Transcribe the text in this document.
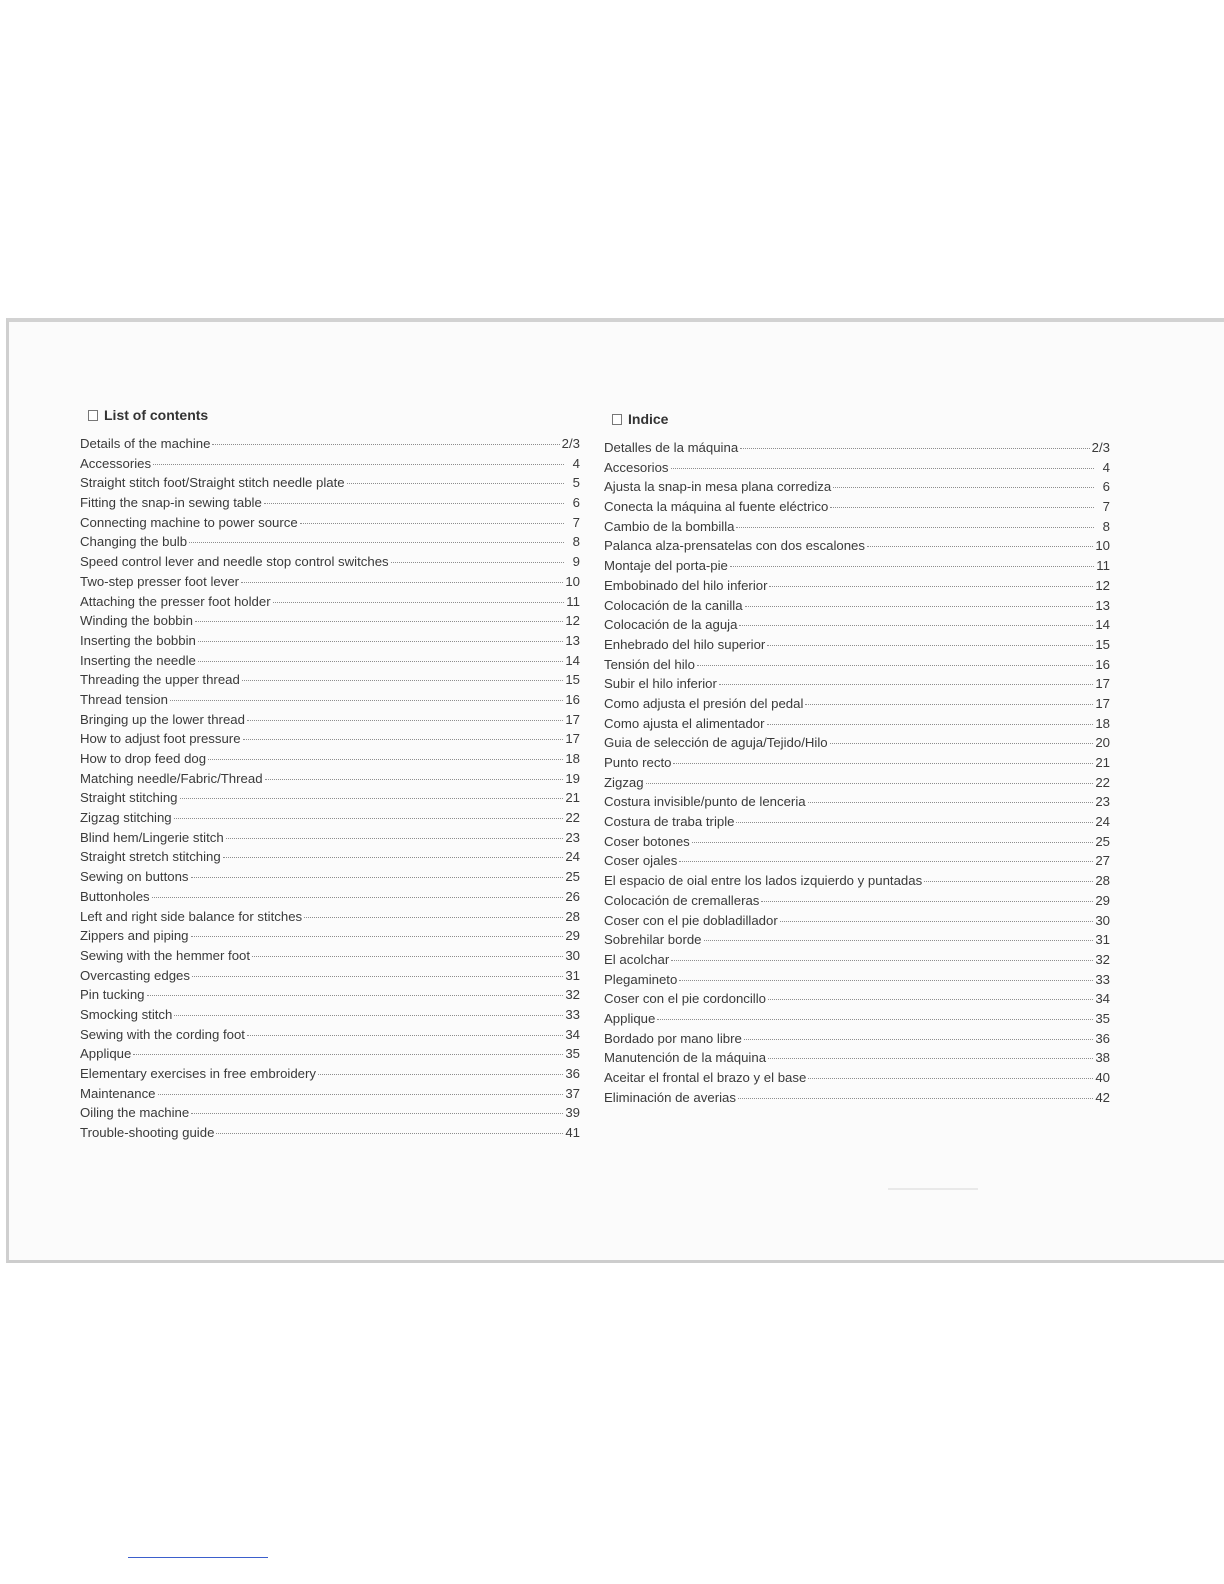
List of contents
Details of the machine	2/3
Accessories	4
Straight stitch foot/Straight stitch needle plate	5
Fitting the snap-in sewing table	6
Connecting machine to power source	7
Changing the bulb	8
Speed control lever and needle stop control switches	9
Two-step presser foot lever	10
Attaching the presser foot holder	11
Winding the bobbin	12
Inserting the bobbin	13
Inserting the needle	14
Threading the upper thread	15
Thread tension	16
Bringing up the lower thread	17
How to adjust foot pressure	17
How to drop feed dog	18
Matching needle/Fabric/Thread	19
Straight stitching	21
Zigzag stitching	22
Blind hem/Lingerie stitch	23
Straight stretch stitching	24
Sewing on buttons	25
Buttonholes	26
Left and right side balance for stitches	28
Zippers and piping	29
Sewing with the hemmer foot	30
Overcasting edges	31
Pin tucking	32
Smocking stitch	33
Sewing with the cording foot	34
Applique	35
Elementary exercises in free embroidery	36
Maintenance	37
Oiling the machine	39
Trouble-shooting guide	41
Indice
Detalles de la máquina	2/3
Accesorios	4
Ajusta la snap-in mesa plana corrediza	6
Conecta la máquina al fuente eléctrico	7
Cambio de la bombilla	8
Palanca alza-prensatelas con dos escalones	10
Montaje del porta-pie	11
Embobinado del hilo inferior	12
Colocación de la canilla	13
Colocación de la aguja	14
Enhebrado del hilo superior	15
Tensión del hilo	16
Subir el hilo inferior	17
Como adjusta el presión del pedal	17
Como ajusta el alimentador	18
Guia de selección de aguja/Tejido/Hilo	20
Punto recto	21
Zigzag	22
Costura invisible/punto de lenceria	23
Costura de traba triple	24
Coser botones	25
Coser ojales	27
El espacio de oial entre los lados izquierdo y puntadas	28
Colocación de cremalleras	29
Coser con el pie dobladillador	30
Sobrehilar borde	31
El acolchar	32
Plegamineto	33
Coser con el pie cordoncillo	34
Applique	35
Bordado por mano libre	36
Manutención de la máquina	38
Aceitar el frontal el brazo y el base	40
Eliminación de averias	42
